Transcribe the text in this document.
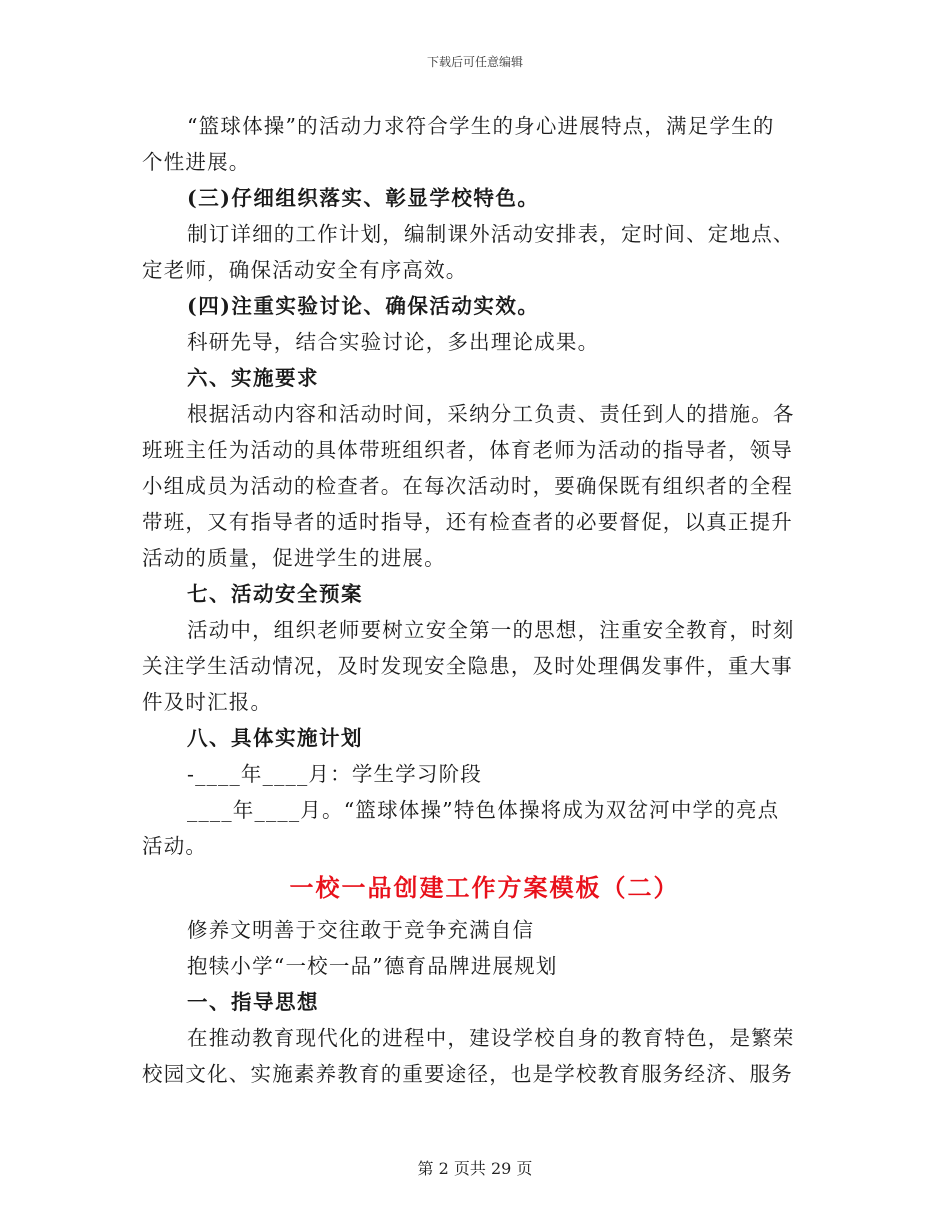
下载后可任意编辑
“篮球体操”的活动力求符合学生的身心进展特点，满足学生的
个性进展。
(三)仔细组织落实、彰显学校特色。
制订详细的工作计划，编制课外活动安排表，定时间、定地点、
定老师，确保活动安全有序高效。
(四)注重实验讨论、确保活动实效。
科研先导，结合实验讨论，多出理论成果。
六、实施要求
根据活动内容和活动时间，采纳分工负责、责任到人的措施。各
班班主任为活动的具体带班组织者，体育老师为活动的指导者，领导
小组成员为活动的检查者。在每次活动时，要确保既有组织者的全程
带班，又有指导者的适时指导，还有检查者的必要督促，以真正提升
活动的质量，促进学生的进展。
七、活动安全预案
活动中，组织老师要树立安全第一的思想，注重安全教育，时刻
关注学生活动情况，及时发现安全隐患，及时处理偶发事件，重大事
件及时汇报。
八、具体实施计划
-____年____月：学生学习阶段
____年____月。“篮球体操”特色体操将成为双岔河中学的亮点
活动。
一校一品创建工作方案模板（二）
修养文明善于交往敢于竞争充满自信
抱犊小学“一校一品”德育品牌进展规划
一、指导思想
在推动教育现代化的进程中，建设学校自身的教育特色，是繁荣
校园文化、实施素养教育的重要途径，也是学校教育服务经济、服务
第 2 页共 29 页
